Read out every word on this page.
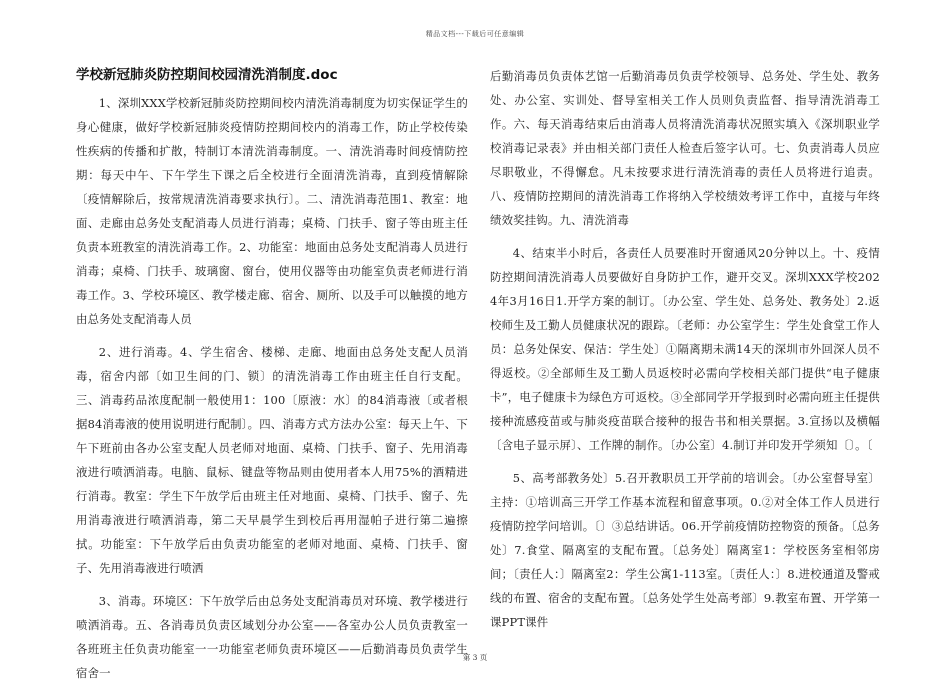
精品文档---下载后可任意编辑
学校新冠肺炎防控期间校园清洗消制度.doc

1、深圳XXX学校新冠肺炎防控期间校内清洗消毒制度为切实保证学生的身心健康，做好学校新冠肺炎疫情防控期间校内的消毒工作，防止学校传染性疾病的传播和扩散，特制订本清洗消毒制度。一、清洗消毒时间疫情防控期：每天中午、下午学生下课之后全校进行全面清洗消毒，直到疫情解除〔疫情解除后，按常规清洗消毒要求执行〕。二、清洗消毒范围1、教室：地面、走廊由总务处支配消毒人员进行消毒；桌椅、门扶手、窗子等由班主任负责本班教室的清洗消毒工作。2、功能室：地面由总务处支配消毒人员进行消毒；桌椅、门扶手、玻璃窗、窗台，使用仪器等由功能室负责老师进行消毒工作。3、学校环境区、教学楼走廊、宿舍、厕所、以及手可以触摸的地方由总务处支配消毒人员

2、进行消毒。4、学生宿舍、楼梯、走廊、地面由总务处支配人员消毒，宿舍内部〔如卫生间的门、锁〕的清洗消毒工作由班主任自行支配。三、消毒药品浓度配制一般使用1：100〔原液：水〕的84消毒液〔或者根据84消毒液的使用说明进行配制〕。四、消毒方式方法办公室：每天上午、下午下班前由各办公室支配人员老师对地面、桌椅、门扶手、窗子、先用消毒液进行喷洒消毒。电脑、鼠标、键盘等物品则由使用者本人用75%的酒精进行消毒。教室：学生下午放学后由班主任对地面、桌椅、门扶手、窗子、先用消毒液进行喷洒消毒，第二天早晨学生到校后再用湿帕子进行第二遍擦拭。功能室：下午放学后由负责功能室的老师对地面、桌椅、门扶手、窗子、先用消毒液进行喷洒

3、消毒。环境区：下午放学后由总务处支配消毒员对环境、教学楼进行喷洒消毒。五、各消毒员负责区域划分办公室——各室办公人员负责教室一各班班主任负责功能室一一功能室老师负责环境区——后勤消毒员负责学生宿舍一

后勤消毒员负责体艺馆一后勤消毒员负责学校领导、总务处、学生处、教务处、办公室、实训处、督导室相关工作人员则负责监督、指导清洗消毒工作。六、每天消毒结束后由消毒人员将清洗消毒状况照实填入《深圳职业学校消毒记录表》并由相关部门责任人检查后签字认可。七、负责消毒人员应尽职敬业，不得懈怠。凡未按要求进行清洗消毒的责任人员将进行追责。八、疫情防控期间的清洗消毒工作将纳入学校绩效考评工作中，直接与年终绩效奖挂钩。九、清洗消毒

4、结束半小时后，各责任人员要准时开窗通风20分钟以上。十、疫情防控期间清洗消毒人员要做好自身防护工作，避开交叉。深圳XXX学校2024年3月16日1.开学方案的制订。〔办公室、学生处、总务处、教务处〕2.返校师生及工勤人员健康状况的跟踪。〔老师：办公室学生：学生处食堂工作人员：总务处保安、保洁：学生处〕①隔离期未满14天的深圳市外回深人员不得返校。②全部师生及工勤人员返校时必需向学校相关部门提供“电子健康卡”，电子健康卡为绿色方可返校。③全部同学开学报到时必需向班主任提供接种流感疫苗或与肺炎疫苗联合接种的报告书和相关票据。3.宣扬以及横幅〔含电子显示屏〕、工作牌的制作。〔办公室〕4.制订并印发开学须知〔〕。〔

5、高考部教务处〕5.召开教职员工开学前的培训会。〔办公室督导室〕主持：①培训高三开学工作基本流程和留意事项。0.②对全体工作人员进行疫情防控学问培训。〔〕③总结讲话。06.开学前疫情防控物资的预备。〔总务处〕7.食堂、隔离室的支配布置。〔总务处〕隔离室1：学校医务室相邻房间；〔责任人：〕隔离室2：学生公寓1-113室。〔责任人：〕8.进校通道及警戒线的布置、宿舍的支配布置。〔总务处学生处高考部〕9.教室布置、开学第一课PPT课件

第 3 页
